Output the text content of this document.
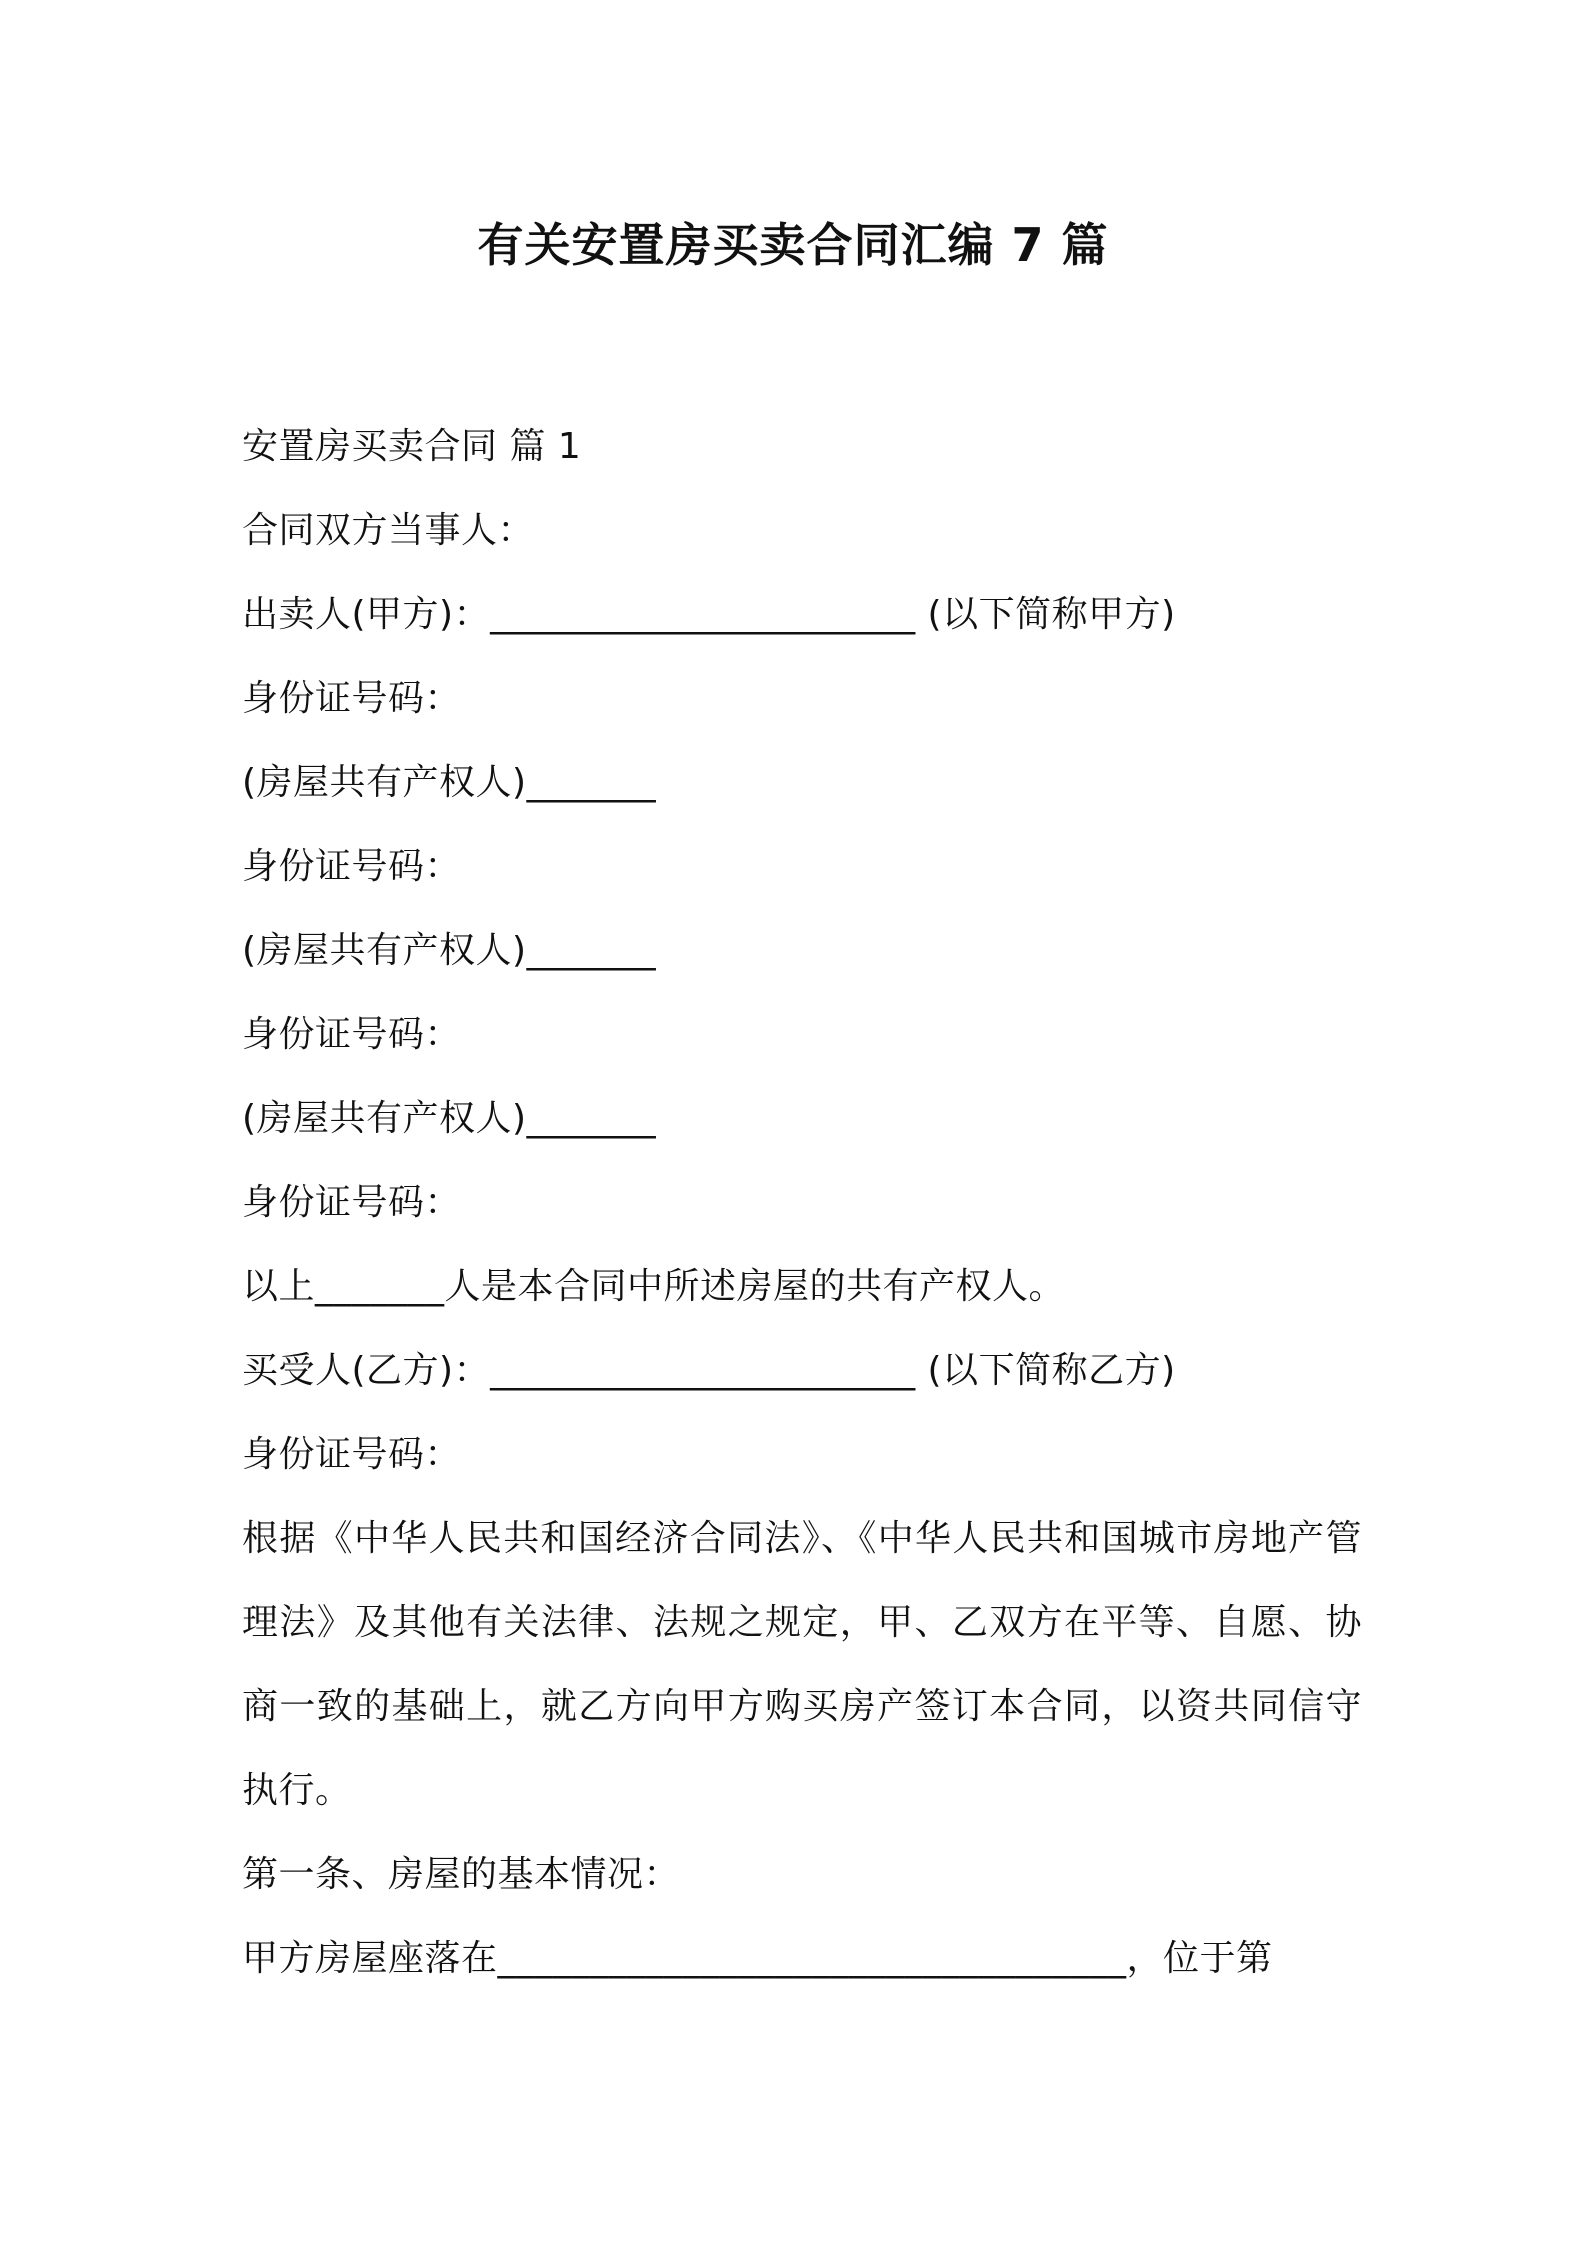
有关安置房买卖合同汇编 7 篇
安置房买卖合同 篇 1
合同双方当事人：
出卖人(甲方)：_______________________ (以下简称甲方)
身份证号码：
(房屋共有产权人)_______
身份证号码：
(房屋共有产权人)_______
身份证号码：
(房屋共有产权人)_______
身份证号码：
以上_______人是本合同中所述房屋的共有产权人。
买受人(乙方)：_______________________ (以下简称乙方)
身份证号码：
根据《中华人民共和国经济合同法》、《中华人民共和国城市房地产管理法》及其他有关法律、法规之规定，甲、乙双方在平等、自愿、协商一致的基础上，就乙方向甲方购买房产签订本合同，以资共同信守执行。
第一条、房屋的基本情况：
甲方房屋座落在__________________________________，位于第
